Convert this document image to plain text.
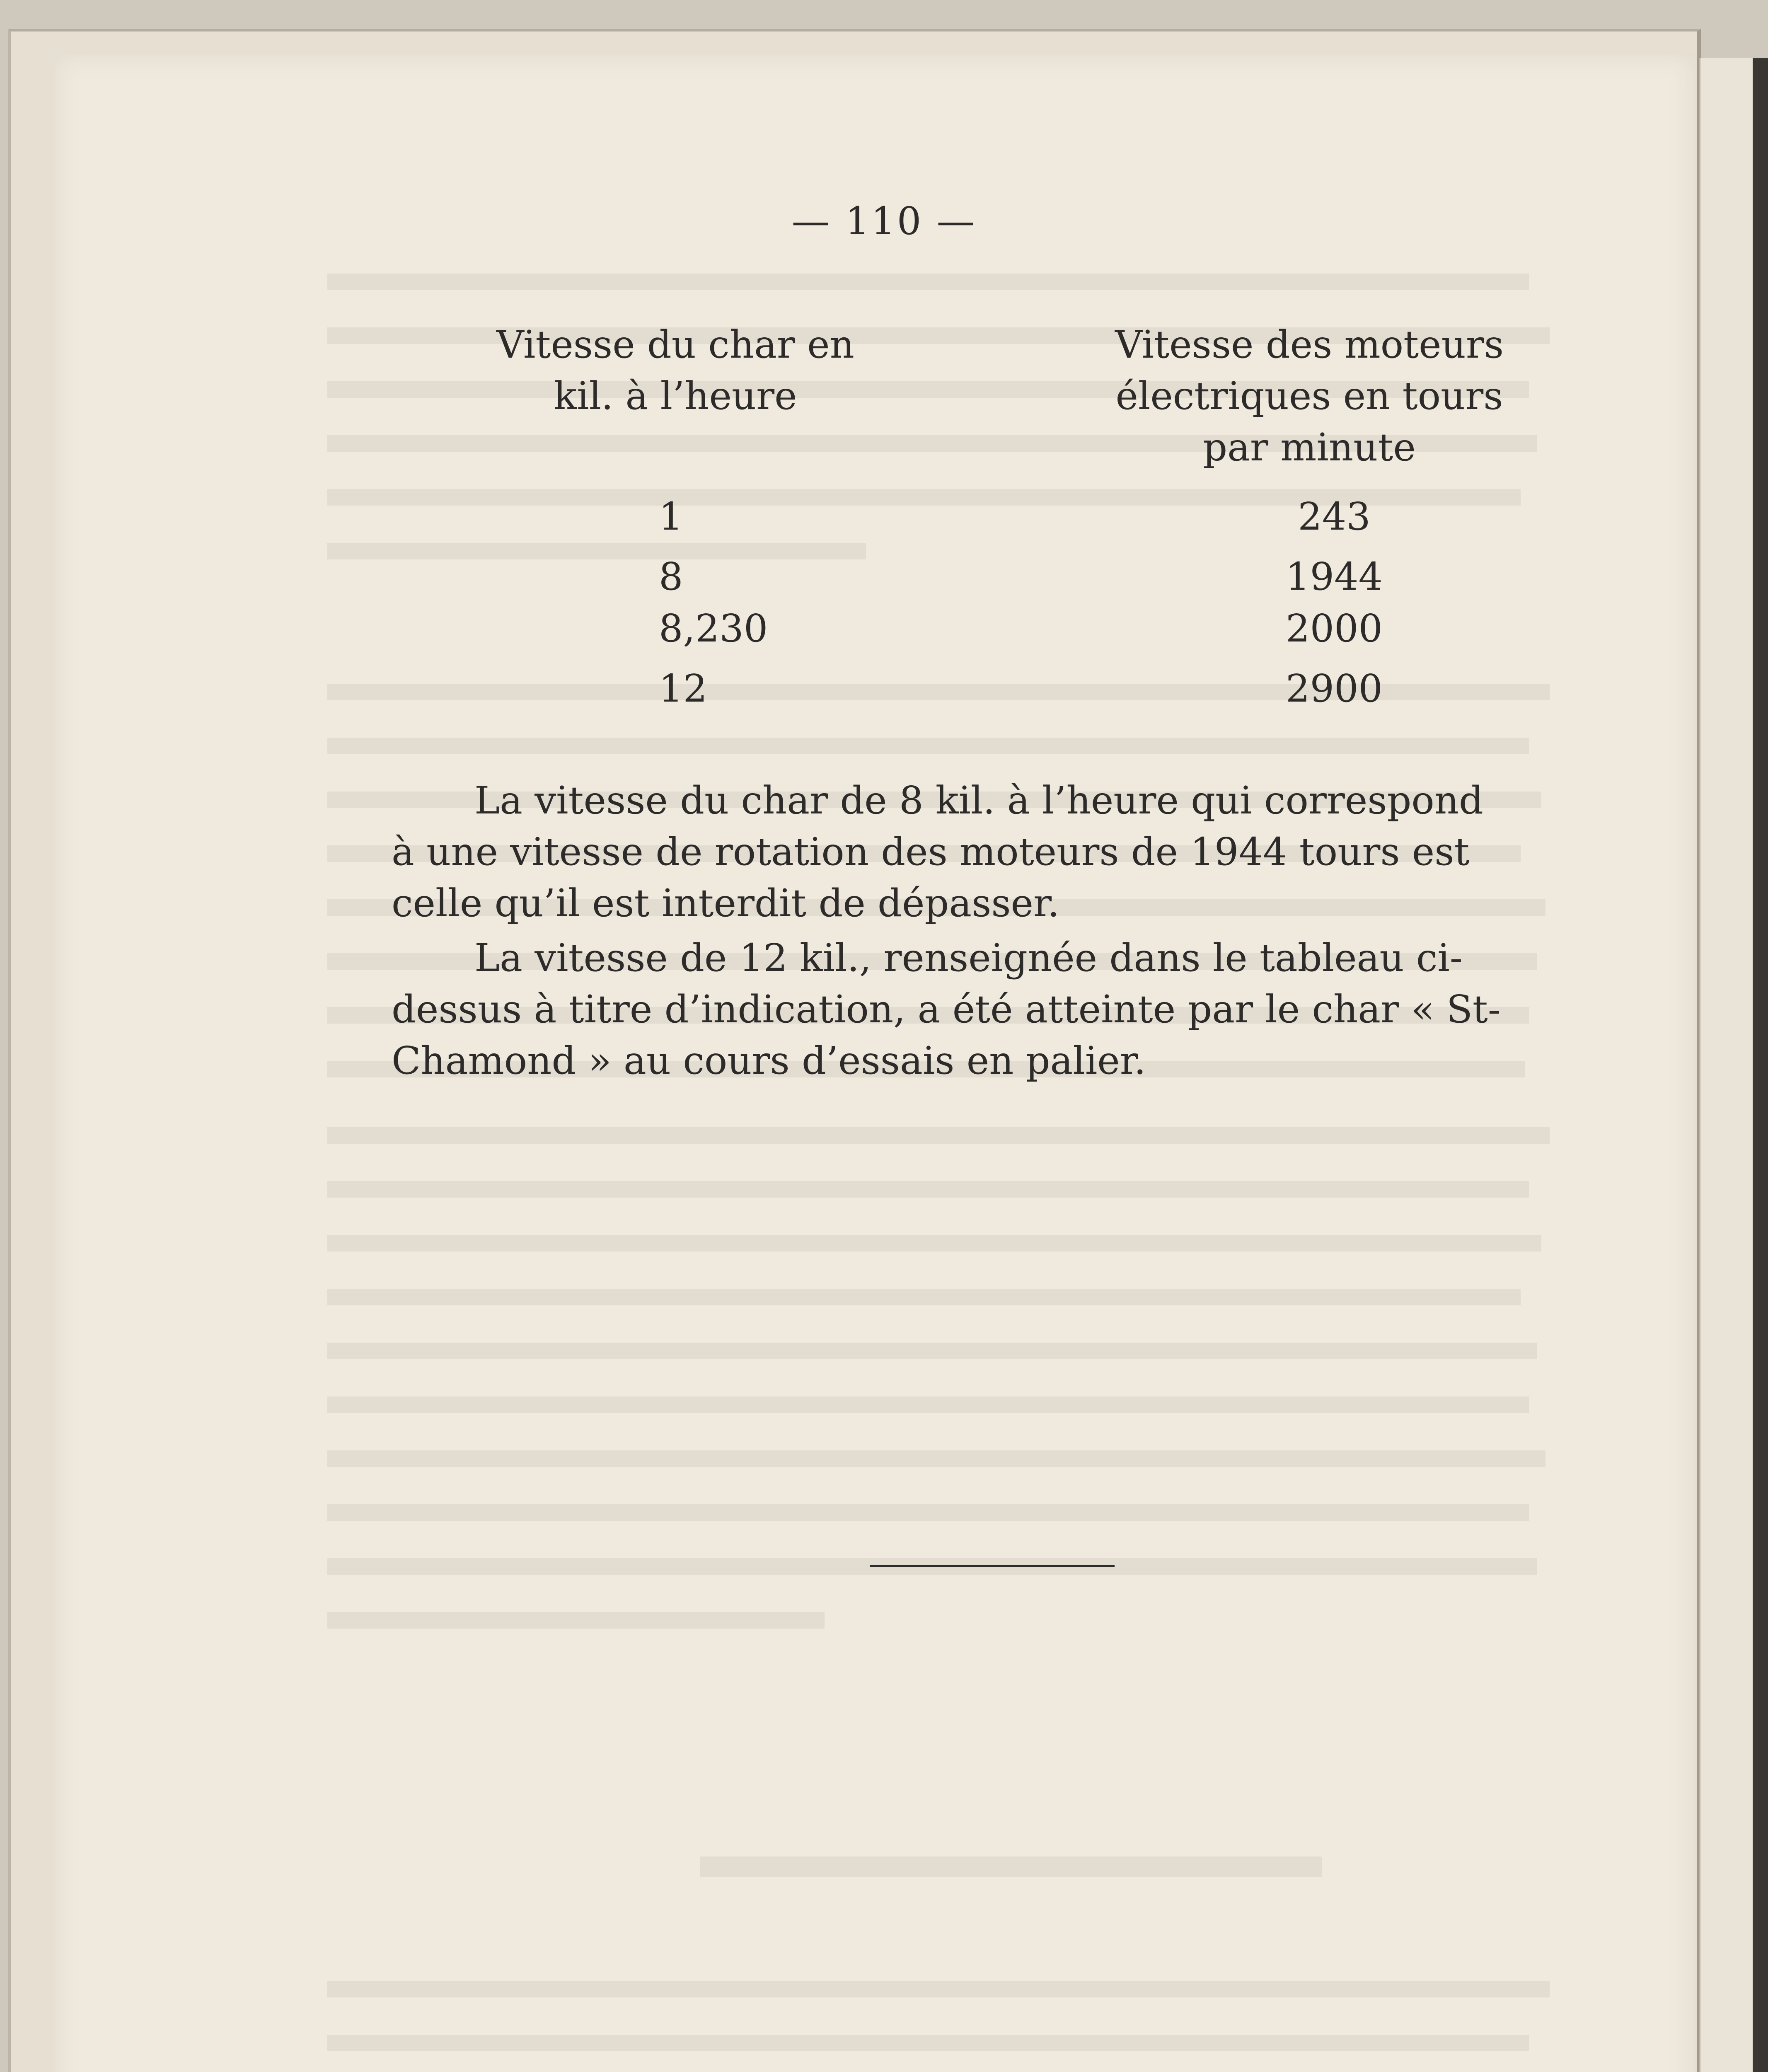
— 110 —
Vitesse du char en
kil. à l’heure
Vitesse des moteurs
électriques en tours
par minute
1	243
8	1944
8,230	2000
12	2900
La vitesse du char de 8 kil. à l’heure qui correspond
à une vitesse de rotation des moteurs de 1944 tours est
celle qu’il est interdit de dépasser.
La vitesse de 12 kil., renseignée dans le tableau ci-
dessus à titre d’indication, a été atteinte par le char « St-
Chamond » au cours d’essais en palier.
